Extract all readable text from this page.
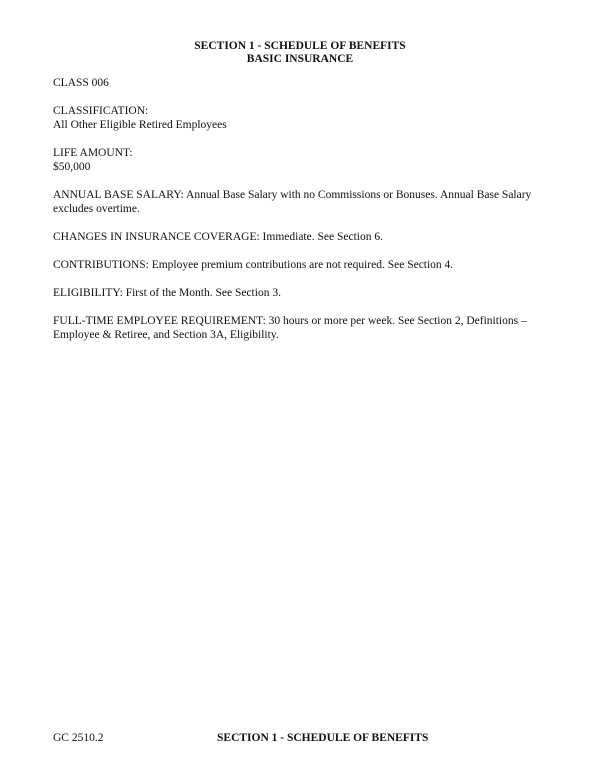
SECTION 1 - SCHEDULE OF BENEFITS
BASIC INSURANCE

CLASS 006

CLASSIFICATION:
All Other Eligible Retired Employees

LIFE AMOUNT:
$50,000

ANNUAL BASE SALARY: Annual Base Salary with no Commissions or Bonuses. Annual Base Salary excludes overtime.

CHANGES IN INSURANCE COVERAGE: Immediate. See Section 6.

CONTRIBUTIONS: Employee premium contributions are not required. See Section 4.

ELIGIBILITY: First of the Month. See Section 3.

FULL-TIME EMPLOYEE REQUIREMENT: 30 hours or more per week. See Section 2, Definitions – Employee & Retiree, and Section 3A, Eligibility.

GC 2510.2	SECTION 1 - SCHEDULE OF BENEFITS
